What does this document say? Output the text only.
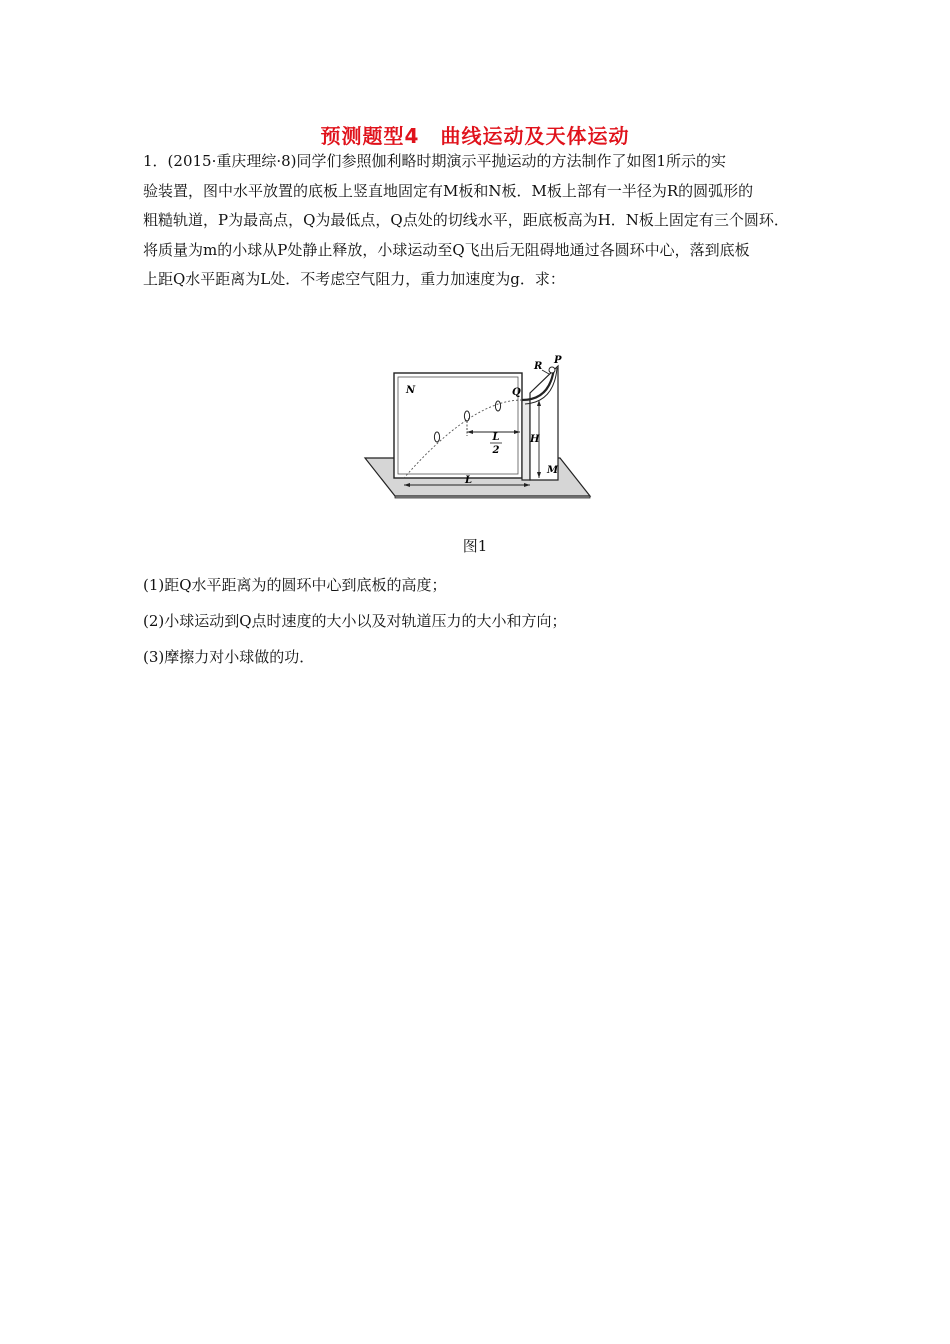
预测题型4　曲线运动及天体运动
1．(2015·重庆理综·8)同学们参照伽利略时期演示平抛运动的方法制作了如图1所示的实
验装置，图中水平放置的底板上竖直地固定有M板和N板．M板上部有一半径为R的圆弧形的
粗糙轨道，P为最高点，Q为最低点，Q点处的切线水平，距底板高为H．N板上固定有三个圆环．
将质量为m的小球从P处静止释放，小球运动至Q飞出后无阻碍地通过各圆环中心，落到底板
上距Q水平距离为L处．不考虑空气阻力，重力加速度为g．求：
L
2
N	Q
P
R
H
M
L
图1
(1)距Q水平距离为的圆环中心到底板的高度；
(2)小球运动到Q点时速度的大小以及对轨道压力的大小和方向；
(3)摩擦力对小球做的功．
